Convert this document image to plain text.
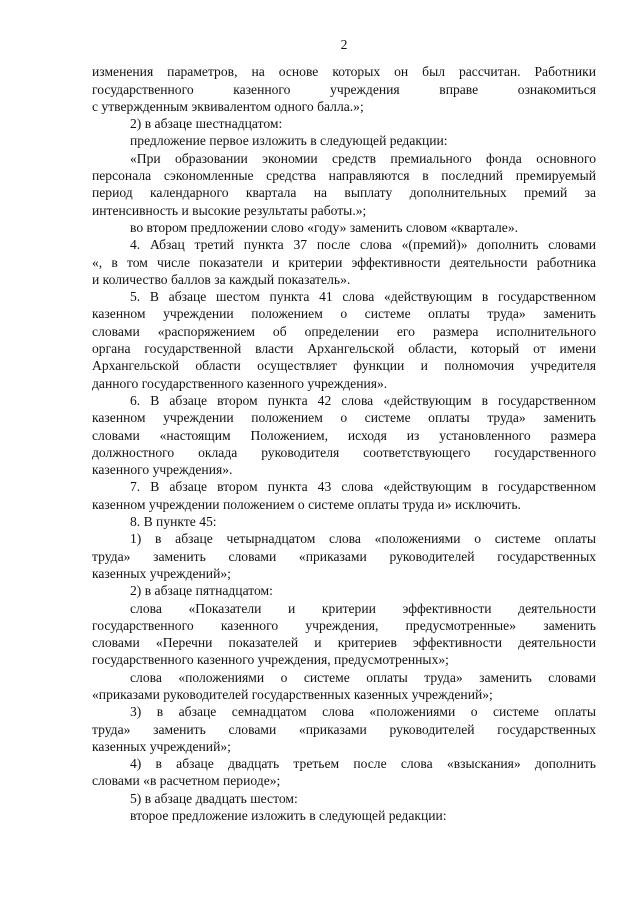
2
изменения параметров, на основе которых он был рассчитан. Работники
государственного казенного учреждения вправе ознакомиться
с утвержденным эквивалентом одного балла.»;
2) в абзаце шестнадцатом:
предложение первое изложить в следующей редакции:
«При образовании экономии средств премиального фонда основного
персонала сэкономленные средства направляются в последний премируемый
период календарного квартала на выплату дополнительных премий за
интенсивность и высокие результаты работы.»;
во втором предложении слово «году» заменить словом «квартале».
4. Абзац третий пункта 37 после слова «(премий)» дополнить словами
«, в том числе показатели и критерии эффективности деятельности работника
и количество баллов за каждый показатель».
5. В абзаце шестом пункта 41 слова «действующим в государственном
казенном учреждении положением о системе оплаты труда» заменить
словами «распоряжением об определении его размера исполнительного
органа государственной власти Архангельской области, который от имени
Архангельской области осуществляет функции и полномочия учредителя
данного государственного казенного учреждения».
6. В абзаце втором пункта 42 слова «действующим в государственном
казенном учреждении положением о системе оплаты труда» заменить
словами «настоящим Положением, исходя из установленного размера
должностного оклада руководителя соответствующего государственного
казенного учреждения».
7. В абзаце втором пункта 43 слова «действующим в государственном
казенном учреждении положением о системе оплаты труда и» исключить.
8. В пункте 45:
1) в абзаце четырнадцатом слова «положениями о системе оплаты
труда» заменить словами «приказами руководителей государственных
казенных учреждений»;
2) в абзаце пятнадцатом:
слова «Показатели и критерии эффективности деятельности
государственного казенного учреждения, предусмотренные» заменить
словами «Перечни показателей и критериев эффективности деятельности
государственного казенного учреждения, предусмотренных»;
слова «положениями о системе оплаты труда» заменить словами
«приказами руководителей государственных казенных учреждений»;
3) в абзаце семнадцатом слова «положениями о системе оплаты
труда» заменить словами «приказами руководителей государственных
казенных учреждений»;
4) в абзаце двадцать третьем после слова «взыскания» дополнить
словами «в расчетном периоде»;
5) в абзаце двадцать шестом:
второе предложение изложить в следующей редакции:
